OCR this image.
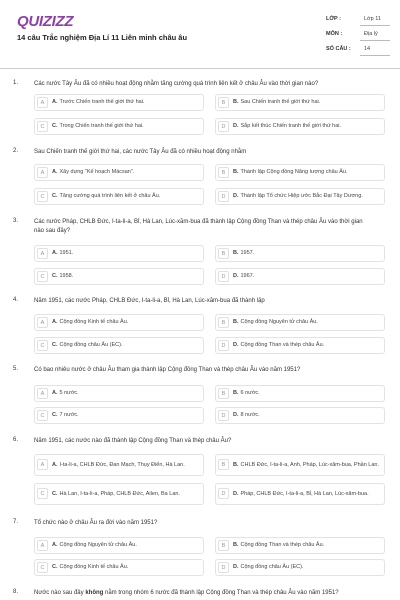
QUIZIZZ
14 câu Trắc nghiệm Địa Lí 11 Liên minh châu âu
LỚP :	Lớp 11
MÔN :	Địa lý
SỐ CÂU : 14
1.	Các nước Tây Âu đã có nhiều hoạt động nhằm tăng cường quá trình liên kết ở châu Âu vào thời gian nào?
A	A. Trước Chiến tranh thế giới thứ hai.	B	B. Sau Chiến tranh thế giới thứ hai.
C	C. Trong Chiến tranh thế giới thứ hai.	D	D. Sắp kết thúc Chiến tranh thế giới thứ hai.
2.	Sau Chiến tranh thế giới thứ hai, các nước Tây Âu đã có nhiều hoạt động nhằm
A	A. Xây dựng "Kế hoạch Mácsan".	B	B. Thành lập Cộng đồng Năng lượng châu Âu.
C	C. Tăng cường quá trình liên kết ở châu Âu.	D	D. Thành lập Tổ chức Hiệp ước Bắc Đại Tây Dương.
3.	Các nước Pháp, CHLB Đức, I-ta-li-a, Bỉ, Hà Lan, Lúc-xăm-bua đã thành lập Cộng đồng Than và thép châu Âu vào thời gian nào sau đây?
A	A. 1951.	B	B. 1957.
C	C. 1958.	D	D. 1967.
4.	Năm 1951, các nước Pháp, CHLB Đức, I-ta-li-a, Bỉ, Hà Lan, Lúc-xăm-bua đã thành lập
A	A. Cộng đồng Kinh tế châu Âu.	B	B. Cộng đồng Nguyên tử châu Âu.
C	C. Cộng đồng châu Âu (EC).	D	D. Cộng đồng Than và thép châu Âu.
5.	Có bao nhiêu nước ở châu Âu tham gia thành lập Cộng đồng Than và thép châu Âu vào năm 1951?
A	A. 5 nước.	B	B. 6 nước.
C	C. 7 nước.	D	D. 8 nước.
6.	Năm 1951, các nước nào đã thành lập Cộng đồng Than và thép châu Âu?
A	A. I-ta-li-a, CHLB Đức, Đan Mạch, Thụy Điển, Hà Lan.	B	B. CHLB Đức, I-ta-li-a, Anh, Pháp, Lúc-xăm-bua, Phần Lan.
C	C. Hà Lan, I-ta-li-a, Pháp, CHLB Đức, Ailen, Ba Lan.	D	D. Pháp, CHLB Đức, I-ta-li-a, Bỉ, Hà Lan, Lúc-xăm-bua.
7.	Tổ chức nào ở châu Âu ra đời vào năm 1951?
A	A. Cộng đồng Nguyên tử châu Âu.	B	B. Cộng đồng Than và thép châu Âu.
C	C. Cộng đồng Kinh tế châu Âu.	D	D. Cộng đồng châu Âu (EC).
8.	Nước nào sau đây không nằm trong nhóm 6 nước đã thành lập Cộng đồng Than và thép châu Âu vào năm 1951?
